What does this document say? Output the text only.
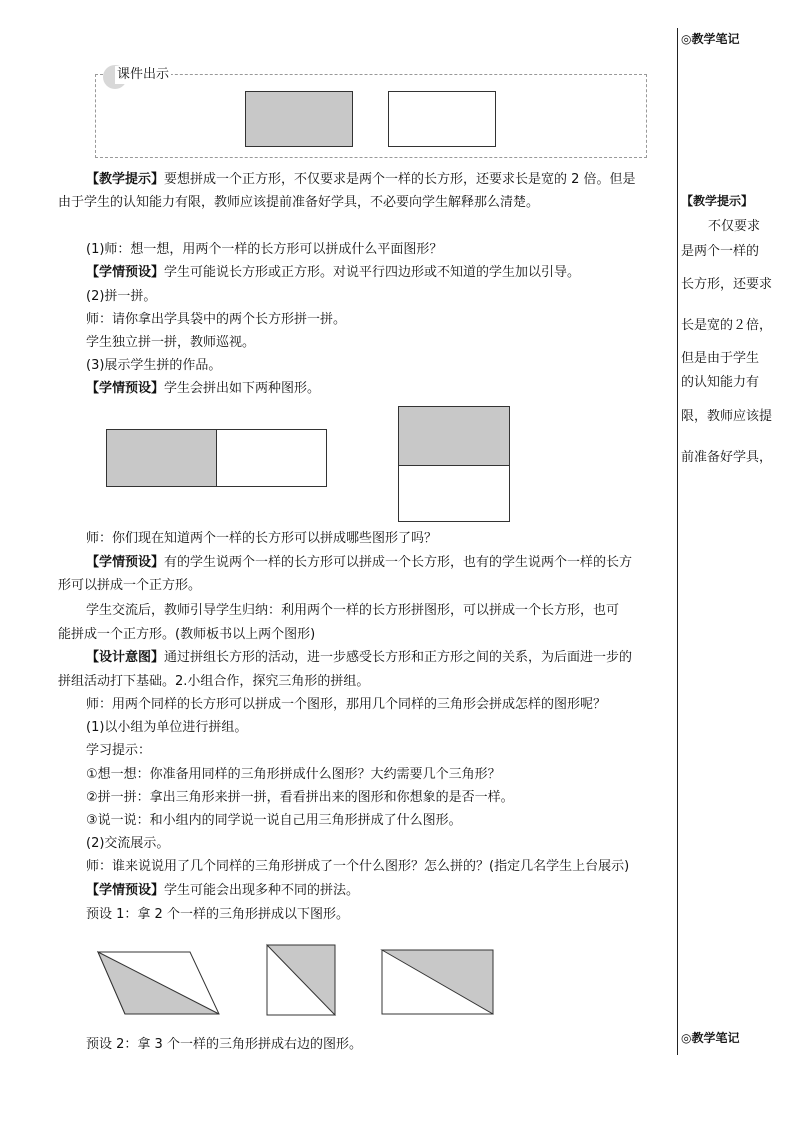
◎教学笔记
【教学提示】
不仅要求
是两个一样的
长方形，还要求
长是宽的２倍，
但是由于学生
的认知能力有
限，教师应该提
前准备好学具，
◎教学笔记
课件出示
【教学提示】要想拼成一个正方形，不仅要求是两个一样的长方形，还要求长是宽的 2 倍。但是
由于学生的认知能力有限，教师应该提前准备好学具，不必要向学生解释那么清楚。
(1)师：想一想，用两个一样的长方形可以拼成什么平面图形？
【学情预设】学生可能说长方形或正方形。对说平行四边形或不知道的学生加以引导。
(2)拼一拼。
师：请你拿出学具袋中的两个长方形拼一拼。
学生独立拼一拼，教师巡视。
(3)展示学生拼的作品。
【学情预设】学生会拼出如下两种图形。
师：你们现在知道两个一样的长方形可以拼成哪些图形了吗？
【学情预设】有的学生说两个一样的长方形可以拼成一个长方形，也有的学生说两个一样的长方
形可以拼成一个正方形。
学生交流后，教师引导学生归纳：利用两个一样的长方形拼图形，可以拼成一个长方形，也可
能拼成一个正方形。(教师板书以上两个图形)
【设计意图】通过拼组长方形的活动，进一步感受长方形和正方形之间的关系，为后面进一步的
拼组活动打下基础。2.小组合作，探究三角形的拼组。
师：用两个同样的长方形可以拼成一个图形，那用几个同样的三角形会拼成怎样的图形呢？
(1)以小组为单位进行拼组。
学习提示：
①想一想：你准备用同样的三角形拼成什么图形？大约需要几个三角形？
②拼一拼：拿出三角形来拼一拼，看看拼出来的图形和你想象的是否一样。
③说一说：和小组内的同学说一说自己用三角形拼成了什么图形。
(2)交流展示。
师：谁来说说用了几个同样的三角形拼成了一个什么图形？怎么拼的？(指定几名学生上台展示)
【学情预设】学生可能会出现多种不同的拼法。
预设 1：拿 2 个一样的三角形拼成以下图形。
预设 2：拿 3 个一样的三角形拼成右边的图形。
